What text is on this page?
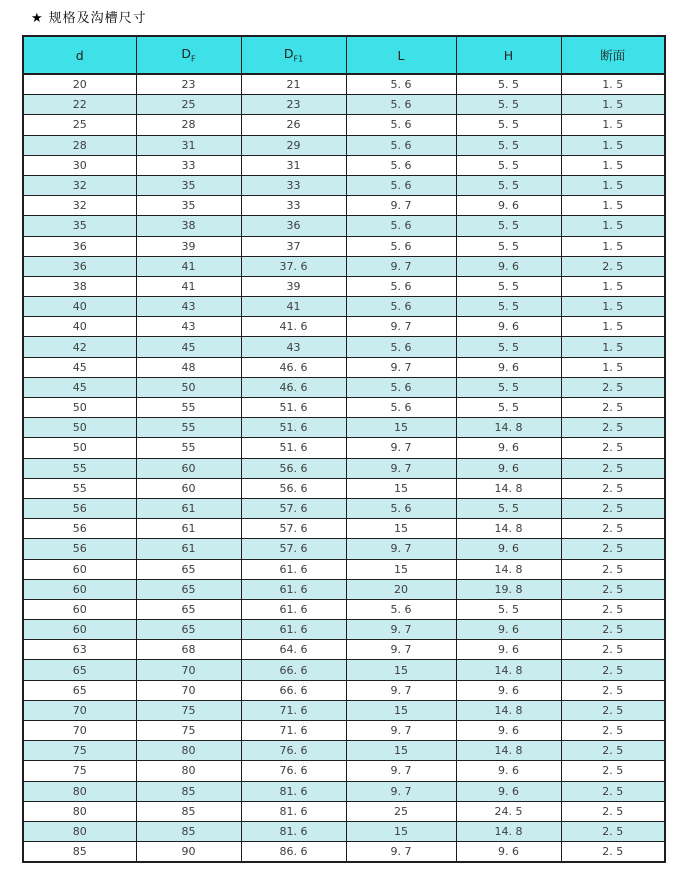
★ 规格及沟槽尺寸
d	$D_F$	$D_{F1}$	L	H	断面
20	23	21	5. 6	5. 5	1. 5
22	25	23	5. 6	5. 5	1. 5
25	28	26	5. 6	5. 5	1. 5
28	31	29	5. 6	5. 5	1. 5
30	33	31	5. 6	5. 5	1. 5
32	35	33	5. 6	5. 5	1. 5
32	35	33	9. 7	9. 6	1. 5
35	38	36	5. 6	5. 5	1. 5
36	39	37	5. 6	5. 5	1. 5
36	41	37. 6	9. 7	9. 6	2. 5
38	41	39	5. 6	5. 5	1. 5
40	43	41	5. 6	5. 5	1. 5
40	43	41. 6	9. 7	9. 6	1. 5
42	45	43	5. 6	5. 5	1. 5
45	48	46. 6	9. 7	9. 6	1. 5
45	50	46. 6	5. 6	5. 5	2. 5
50	55	51. 6	5. 6	5. 5	2. 5
50	55	51. 6	15	14. 8	2. 5
50	55	51. 6	9. 7	9. 6	2. 5
55	60	56. 6	9. 7	9. 6	2. 5
55	60	56. 6	15	14. 8	2. 5
56	61	57. 6	5. 6	5. 5	2. 5
56	61	57. 6	15	14. 8	2. 5
56	61	57. 6	9. 7	9. 6	2. 5
60	65	61. 6	15	14. 8	2. 5
60	65	61. 6	20	19. 8	2. 5
60	65	61. 6	5. 6	5. 5	2. 5
60	65	61. 6	9. 7	9. 6	2. 5
63	68	64. 6	9. 7	9. 6	2. 5
65	70	66. 6	15	14. 8	2. 5
65	70	66. 6	9. 7	9. 6	2. 5
70	75	71. 6	15	14. 8	2. 5
70	75	71. 6	9. 7	9. 6	2. 5
75	80	76. 6	15	14. 8	2. 5
75	80	76. 6	9. 7	9. 6	2. 5
80	85	81. 6	9. 7	9. 6	2. 5
80	85	81. 6	25	24. 5	2. 5
80	85	81. 6	15	14. 8	2. 5
85	90	86. 6	9. 7	9. 6	2. 5
